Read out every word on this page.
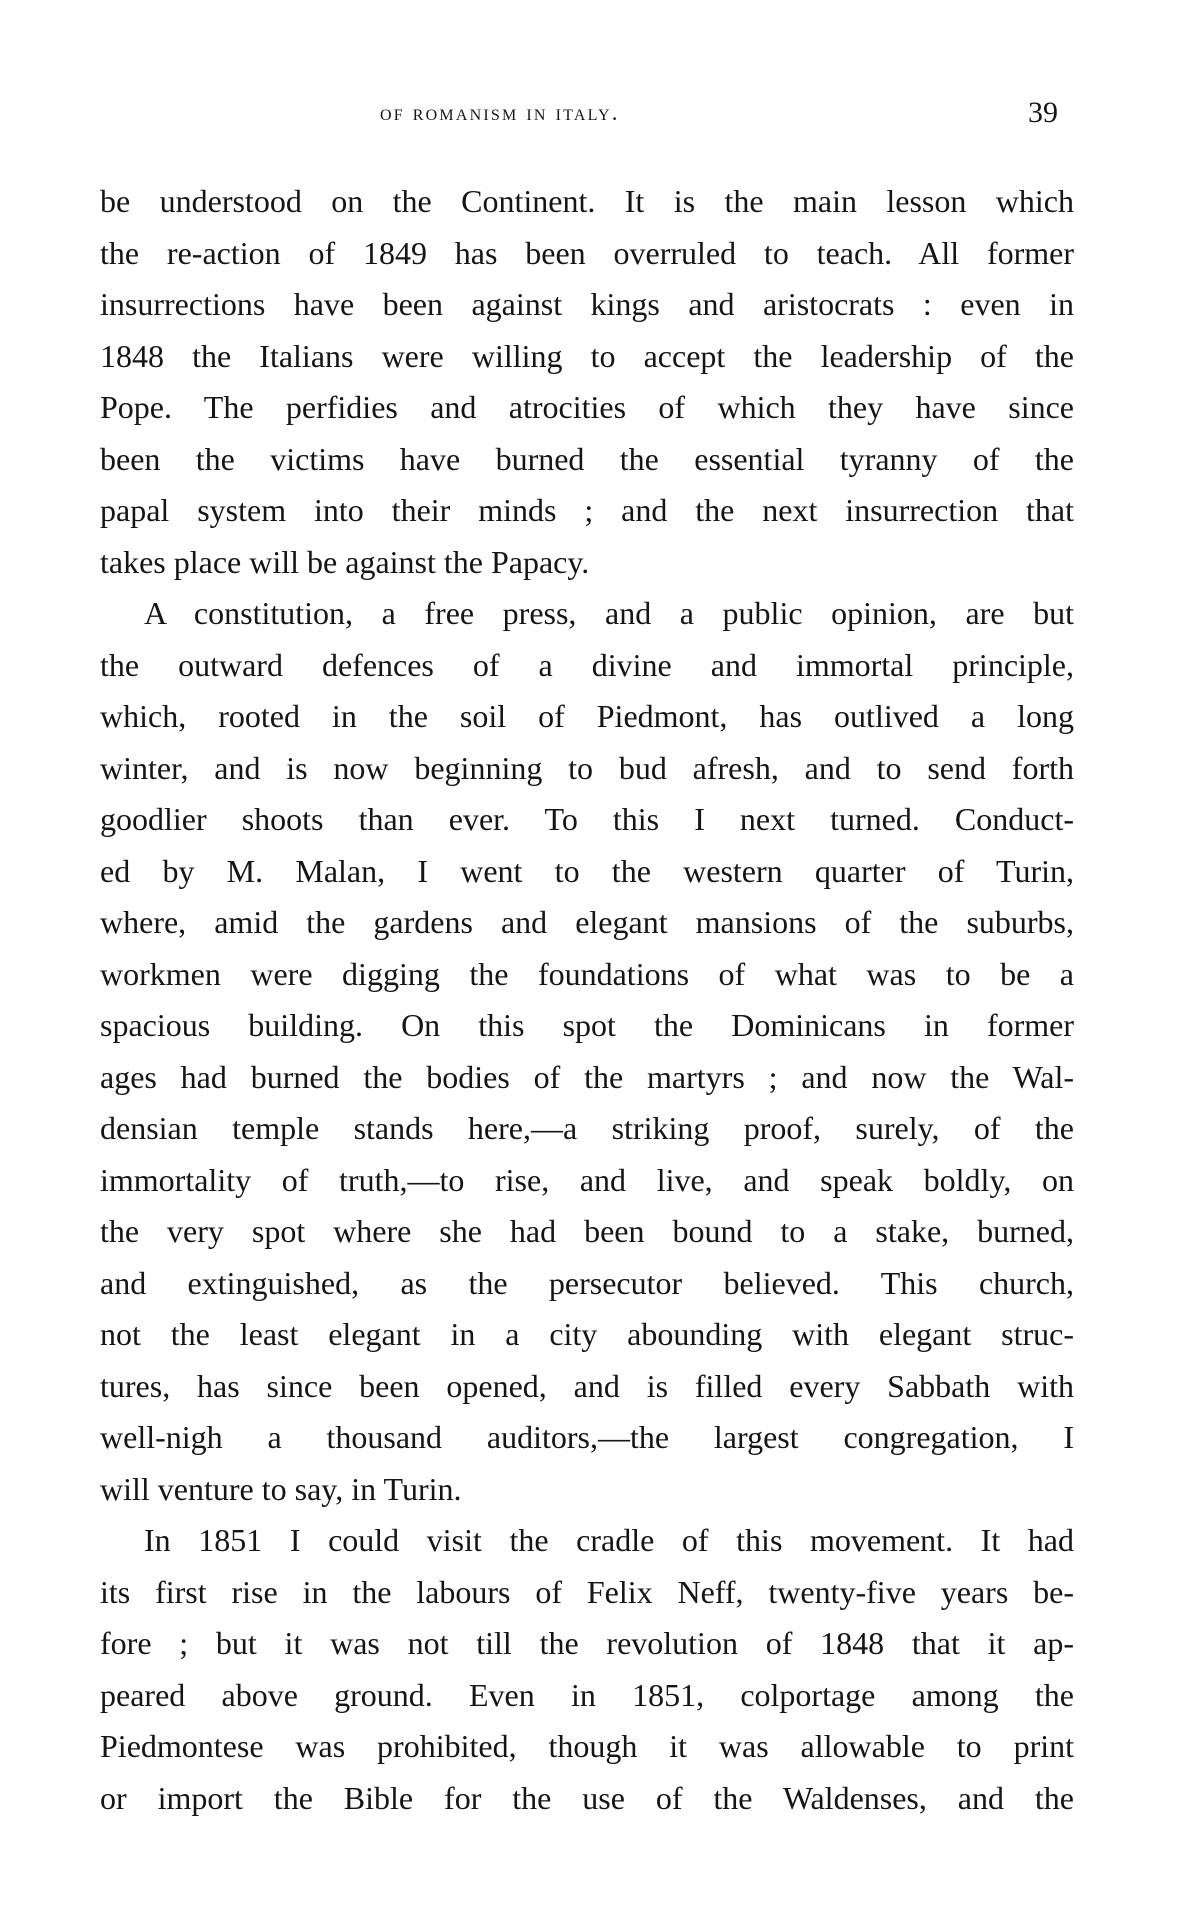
of romanism in italy.	39
be understood on the Continent. It is the main lesson which
the re-action of 1849 has been overruled to teach. All former
insurrections have been against kings and aristocrats : even in
1848 the Italians were willing to accept the leadership of the
Pope. The perfidies and atrocities of which they have since
been the victims have burned the essential tyranny of the
papal system into their minds ; and the next insurrection that
takes place will be against the Papacy.
A constitution, a free press, and a public opinion, are but
the outward defences of a divine and immortal principle,
which, rooted in the soil of Piedmont, has outlived a long
winter, and is now beginning to bud afresh, and to send forth
goodlier shoots than ever. To this I next turned. Conduct-
ed by M. Malan, I went to the western quarter of Turin,
where, amid the gardens and elegant mansions of the suburbs,
workmen were digging the foundations of what was to be a
spacious building. On this spot the Dominicans in former
ages had burned the bodies of the martyrs ; and now the Wal-
densian temple stands here,—a striking proof, surely, of the
immortality of truth,—to rise, and live, and speak boldly, on
the very spot where she had been bound to a stake, burned,
and extinguished, as the persecutor believed. This church,
not the least elegant in a city abounding with elegant struc-
tures, has since been opened, and is filled every Sabbath with
well-nigh a thousand auditors,—the largest congregation, I
will venture to say, in Turin.
In 1851 I could visit the cradle of this movement. It had
its first rise in the labours of Felix Neff, twenty-five years be-
fore ; but it was not till the revolution of 1848 that it ap-
peared above ground. Even in 1851, colportage among the
Piedmontese was prohibited, though it was allowable to print
or import the Bible for the use of the Waldenses, and the
